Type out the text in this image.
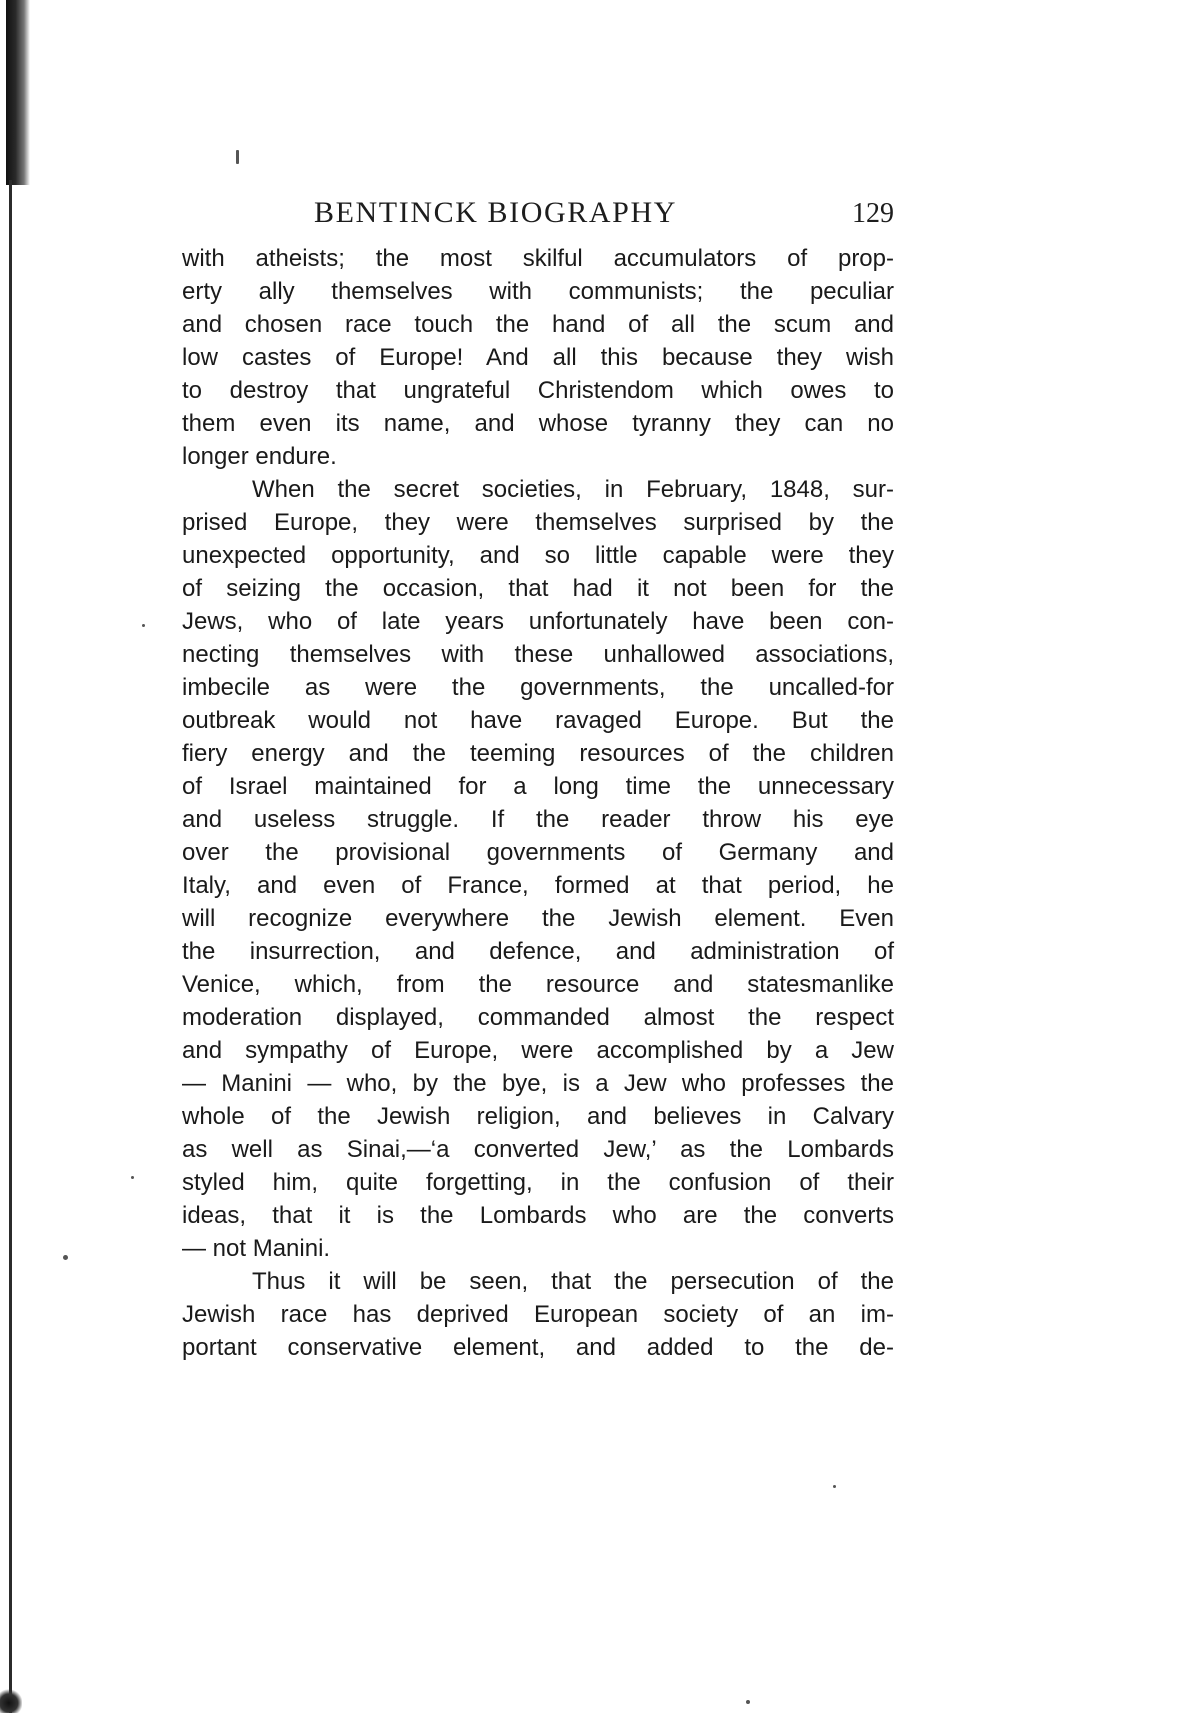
BENTINCK BIOGRAPHY	129
with atheists; the most skilful accumulators of prop-
erty ally themselves with communists; the peculiar
and chosen race touch the hand of all the scum and
low castes of Europe! And all this because they wish
to destroy that ungrateful Christendom which owes to
them even its name, and whose tyranny they can no
longer endure.
When the secret societies, in February, 1848, sur-
prised Europe, they were themselves surprised by the
unexpected opportunity, and so little capable were they
of seizing the occasion, that had it not been for the
Jews, who of late years unfortunately have been con-
necting themselves with these unhallowed associations,
imbecile as were the governments, the uncalled-for
outbreak would not have ravaged Europe. But the
fiery energy and the teeming resources of the children
of Israel maintained for a long time the unnecessary
and useless struggle. If the reader throw his eye
over the provisional governments of Germany and
Italy, and even of France, formed at that period, he
will recognize everywhere the Jewish element. Even
the insurrection, and defence, and administration of
Venice, which, from the resource and statesmanlike
moderation displayed, commanded almost the respect
and sympathy of Europe, were accomplished by a Jew
— Manini — who, by the bye, is a Jew who professes the
whole of the Jewish religion, and believes in Calvary
as well as Sinai,—‘a converted Jew,’ as the Lombards
styled him, quite forgetting, in the confusion of their
ideas, that it is the Lombards who are the converts
— not Manini.
Thus it will be seen, that the persecution of the
Jewish race has deprived European society of an im-
portant conservative element, and added to the de-
